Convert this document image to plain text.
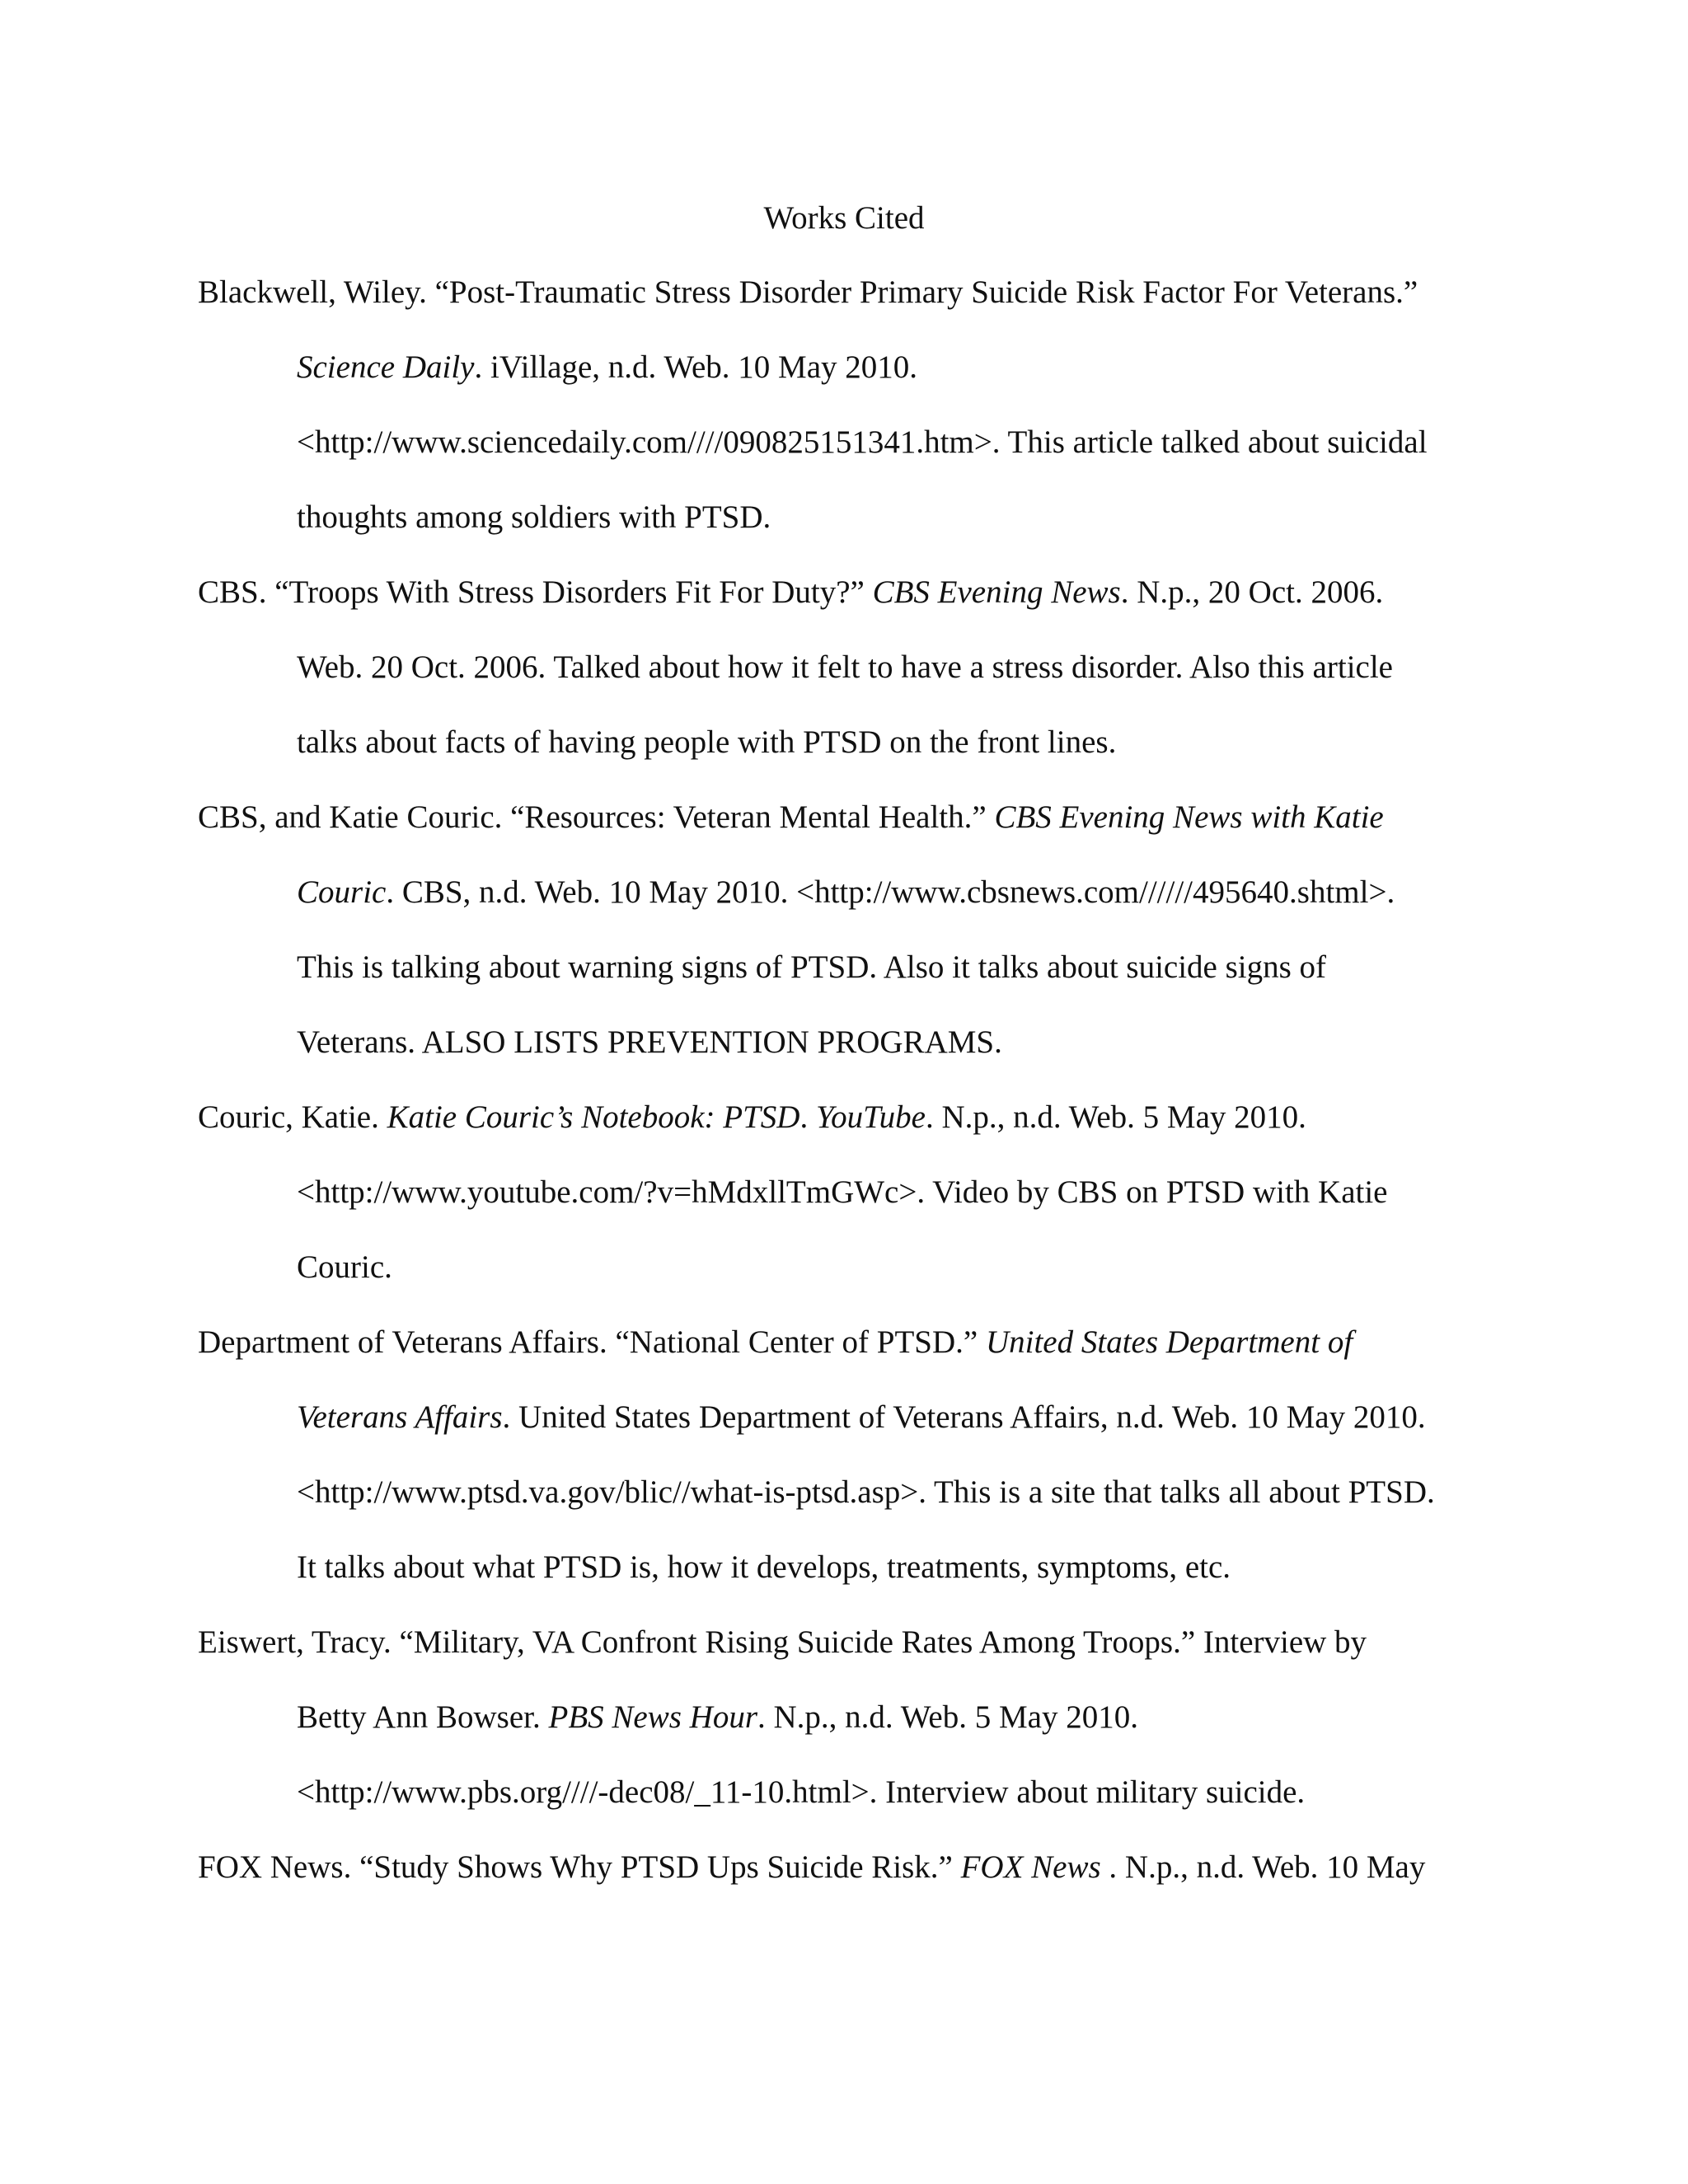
Works Cited

Blackwell, Wiley. “Post-Traumatic Stress Disorder Primary Suicide Risk Factor For Veterans.”

Science Daily. iVillage, n.d. Web. 10 May 2010.

<http://www.sciencedaily.com////090825151341.htm>. This article talked about suicidal

thoughts among soldiers with PTSD.

CBS. “Troops With Stress Disorders Fit For Duty?” CBS Evening News. N.p., 20 Oct. 2006.

Web. 20 Oct. 2006. Talked about how it felt to have a stress disorder. Also this article

talks about facts of having people with PTSD on the front lines.

CBS, and Katie Couric. “Resources: Veteran Mental Health.” CBS Evening News with Katie

Couric. CBS, n.d. Web. 10 May 2010. <http://www.cbsnews.com//////495640.shtml>.

This is talking about warning signs of PTSD. Also it talks about suicide signs of

Veterans. ALSO LISTS PREVENTION PROGRAMS.

Couric, Katie. Katie Couric’s Notebook: PTSD. YouTube. N.p., n.d. Web. 5 May 2010.

<http://www.youtube.com/?v=hMdxllTmGWc>. Video by CBS on PTSD with Katie

Couric.

Department of Veterans Affairs. “National Center of PTSD.” United States Department of

Veterans Affairs. United States Department of Veterans Affairs, n.d. Web. 10 May 2010.

<http://www.ptsd.va.gov/blic//what-is-ptsd.asp>. This is a site that talks all about PTSD.

It talks about what PTSD is, how it develops, treatments, symptoms, etc.

Eiswert, Tracy. “Military, VA Confront Rising Suicide Rates Among Troops.” Interview by

Betty Ann Bowser. PBS News Hour. N.p., n.d. Web. 5 May 2010.

<http://www.pbs.org////-dec08/_11-10.html>. Interview about military suicide.

FOX News. “Study Shows Why PTSD Ups Suicide Risk.” FOX News . N.p., n.d. Web. 10 May
